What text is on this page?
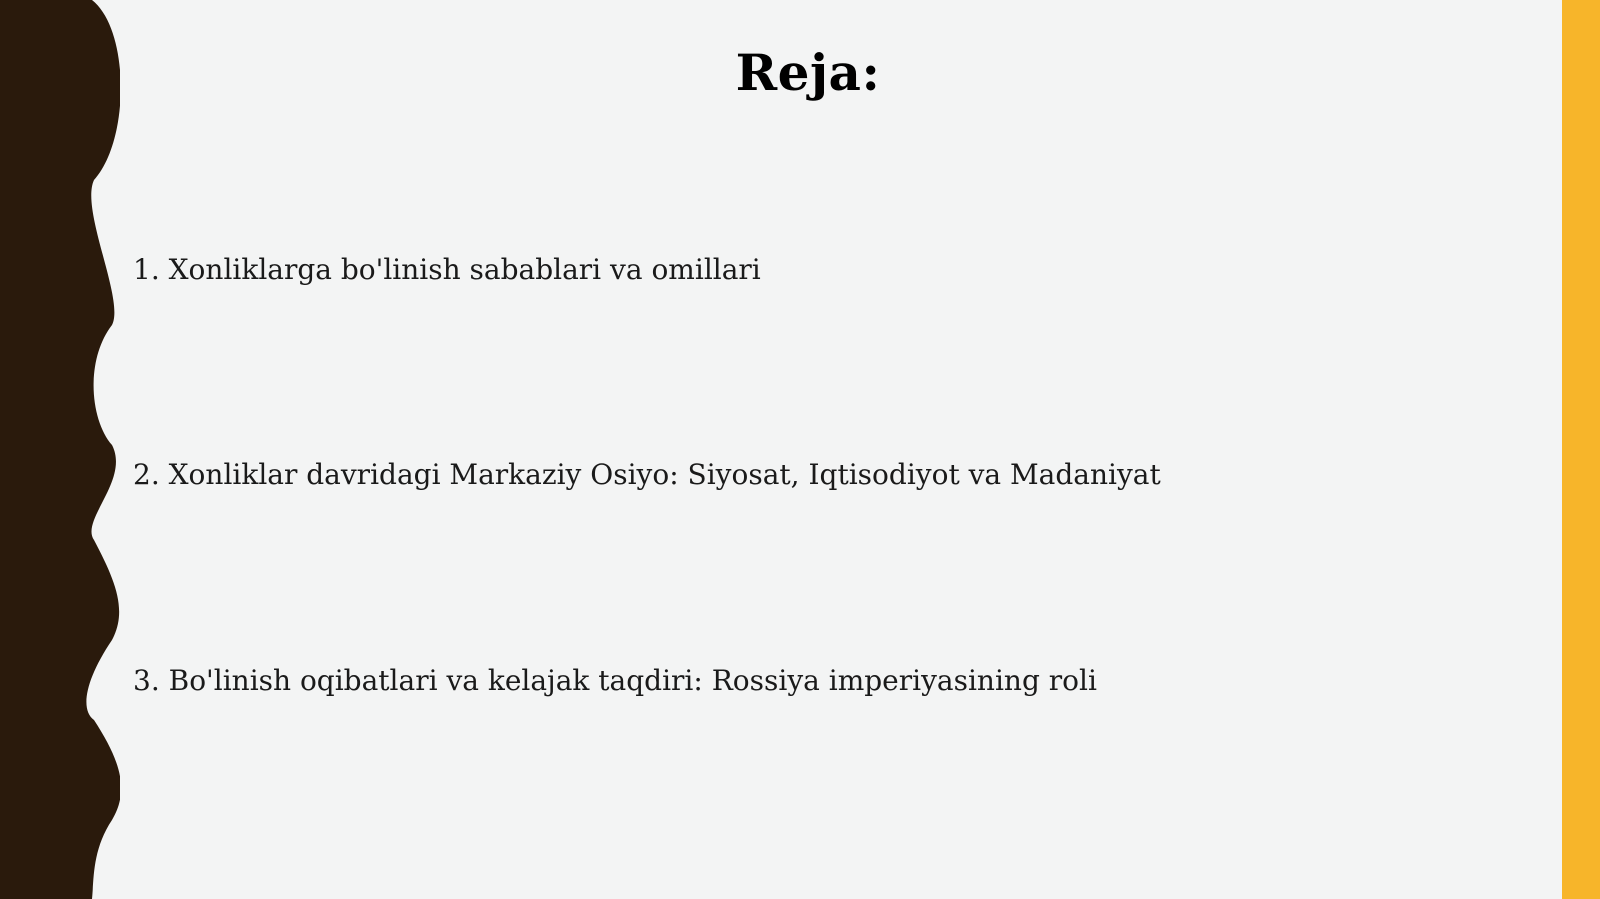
Reja:
1. Xonliklarga bo'linish sabablari va omillari
2. Xonliklar davridagi Markaziy Osiyo: Siyosat, Iqtisodiyot va Madaniyat
3. Bo'linish oqibatlari va kelajak taqdiri: Rossiya imperiyasining roli
